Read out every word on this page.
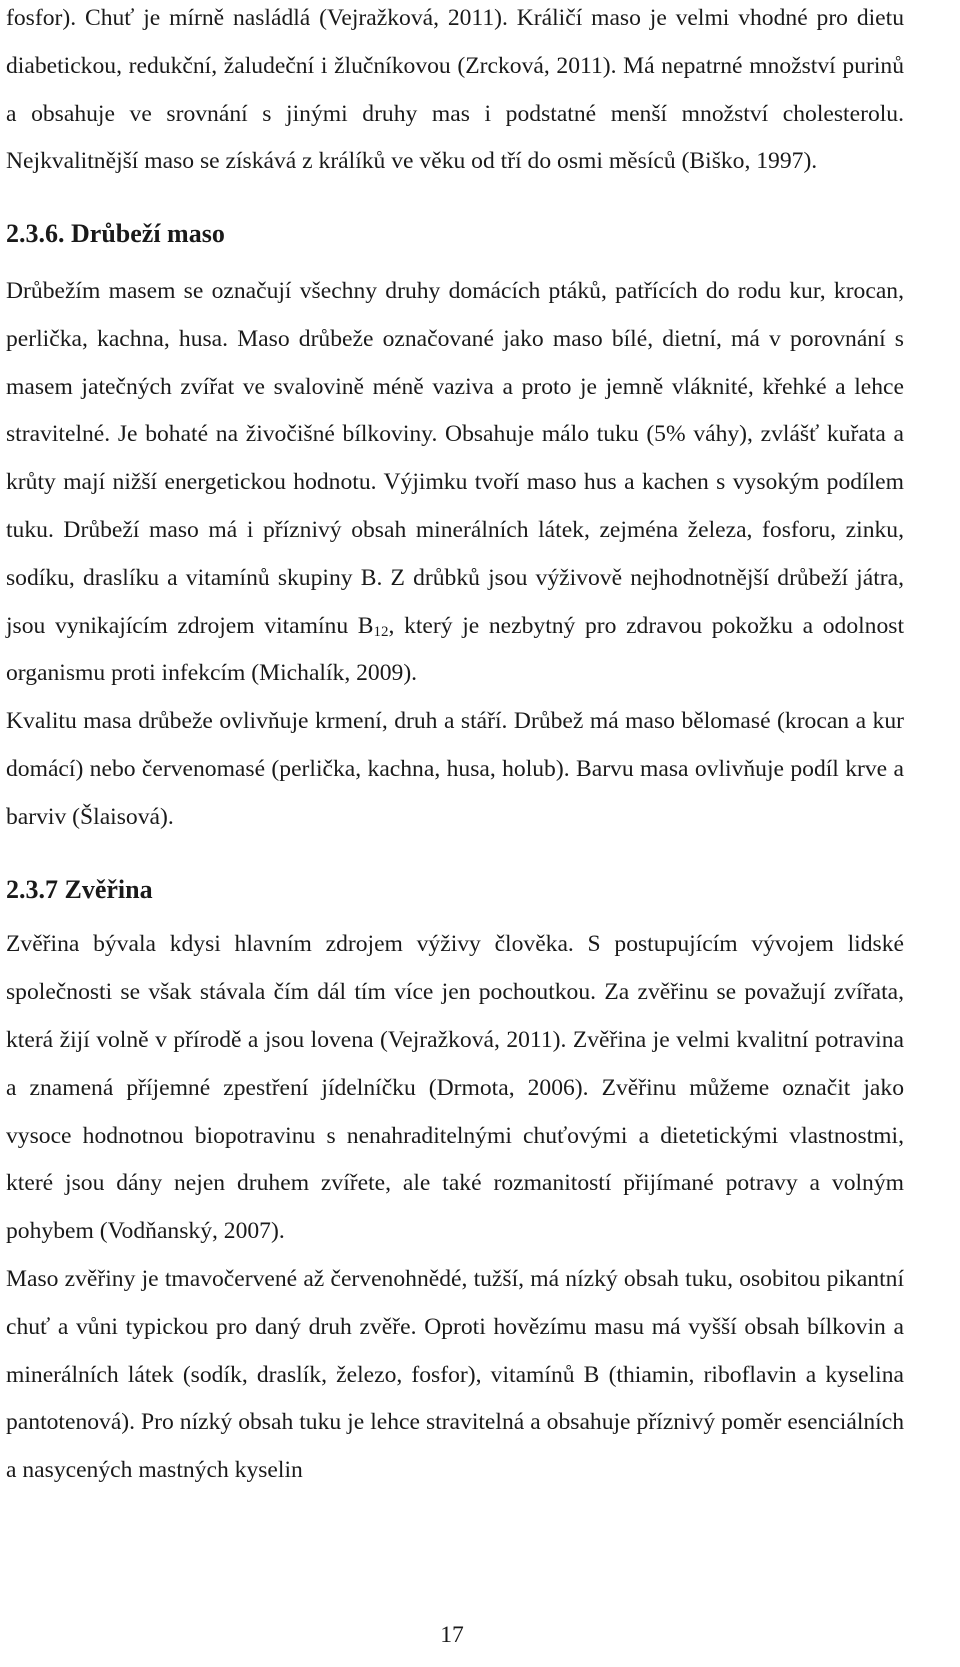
fosfor). Chuť je mírně nasládlá (Vejražková, 2011). Králičí maso je velmi vhodné pro dietu diabetickou, redukční, žaludeční i žlučníkovou (Zrcková, 2011). Má nepatrné množství purinů a obsahuje ve srovnání s jinými druhy mas i podstatné menší množství cholesterolu. Nejkvalitnější maso se získává z králíků ve věku od tří do osmi měsíců (Biško, 1997).

2.3.6. Drůbeží maso

Drůbežím masem se označují všechny druhy domácích ptáků, patřících do rodu kur, krocan, perlička, kachna, husa. Maso drůbeže označované jako maso bílé, dietní, má v porovnání s masem jatečných zvířat ve svalovině méně vaziva a proto je jemně vláknité, křehké a lehce stravitelné. Je bohaté na živočišné bílkoviny. Obsahuje málo tuku (5% váhy), zvlášť kuřata a krůty mají nižší energetickou hodnotu. Výjimku tvoří maso hus a kachen s vysokým podílem tuku. Drůbeží maso má i příznivý obsah minerálních látek, zejména železa, fosforu, zinku, sodíku, draslíku a vitamínů skupiny B. Z drůbků jsou výživově nejhodnotnější drůbeží játra, jsou vynikajícím zdrojem vitamínu $B_{12}$, který je nezbytný pro zdravou pokožku a odolnost organismu proti infekcím (Michalík, 2009).

Kvalitu masa drůbeže ovlivňuje krmení, druh a stáří. Drůbež má maso bělomasé (krocan a kur domácí) nebo červenomasé (perlička, kachna, husa, holub). Barvu masa ovlivňuje podíl krve a barviv (Šlaisová).

2.3.7 Zvěřina

Zvěřina bývala kdysi hlavním zdrojem výživy člověka. S postupujícím vývojem lidské společnosti se však stávala čím dál tím více jen pochoutkou. Za zvěřinu se považují zvířata, která žijí volně v přírodě a jsou lovena (Vejražková, 2011). Zvěřina je velmi kvalitní potravina a znamená příjemné zpestření jídelníčku (Drmota, 2006). Zvěřinu můžeme označit jako vysoce hodnotnou biopotravinu s nenahraditelnými chuťovými a dietetickými vlastnostmi, které jsou dány nejen druhem zvířete, ale také rozmanitostí přijímané potravy a volným pohybem (Vodňanský, 2007).

Maso zvěřiny je tmavočervené až červenohnědé, tužší, má nízký obsah tuku, osobitou pikantní chuť a vůni typickou pro daný druh zvěře. Oproti hovězímu masu má vyšší obsah bílkovin a minerálních látek (sodík, draslík, železo, fosfor), vitamínů B (thiamin, riboflavin a kyselina pantotenová). Pro nízký obsah tuku je lehce stravitelná a obsahuje příznivý poměr esenciálních a nasycených mastných kyselin

17
